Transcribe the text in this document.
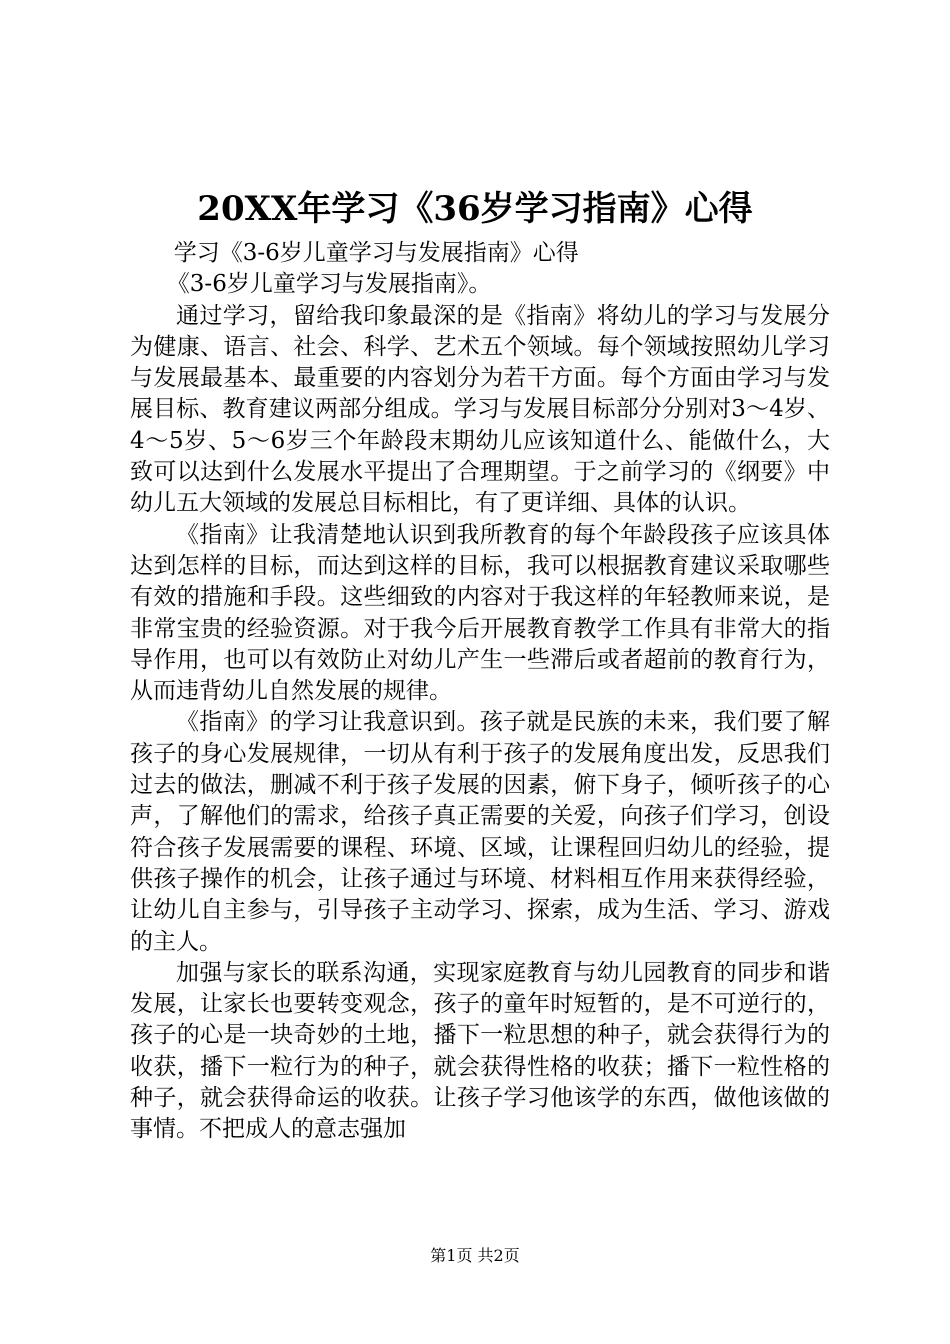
20XX年学习《36岁学习指南》心得

学习《3-6岁儿童学习与发展指南》心得

《3-6岁儿童学习与发展指南》。

通过学习，留给我印象最深的是《指南》将幼儿的学习与发展分为健康、语言、社会、科学、艺术五个领域。每个领域按照幼儿学习与发展最基本、最重要的内容划分为若干方面。每个方面由学习与发展目标、教育建议两部分组成。学习与发展目标部分分别对3～4岁、4～5岁、5～6岁三个年龄段末期幼儿应该知道什么、能做什么，大致可以达到什么发展水平提出了合理期望。于之前学习的《纲要》中幼儿五大领域的发展总目标相比，有了更详细、具体的认识。

《指南》让我清楚地认识到我所教育的每个年龄段孩子应该具体达到怎样的目标，而达到这样的目标，我可以根据教育建议采取哪些有效的措施和手段。这些细致的内容对于我这样的年轻教师来说，是非常宝贵的经验资源。对于我今后开展教育教学工作具有非常大的指导作用，也可以有效防止对幼儿产生一些滞后或者超前的教育行为，从而违背幼儿自然发展的规律。

《指南》的学习让我意识到。孩子就是民族的未来，我们要了解孩子的身心发展规律，一切从有利于孩子的发展角度出发，反思我们过去的做法，删减不利于孩子发展的因素，俯下身子，倾听孩子的心声，了解他们的需求，给孩子真正需要的关爱，向孩子们学习，创设符合孩子发展需要的课程、环境、区域，让课程回归幼儿的经验，提供孩子操作的机会，让孩子通过与环境、材料相互作用来获得经验，让幼儿自主参与，引导孩子主动学习、探索，成为生活、学习、游戏的主人。

加强与家长的联系沟通，实现家庭教育与幼儿园教育的同步和谐发展，让家长也要转变观念，孩子的童年时短暂的，是不可逆行的，孩子的心是一块奇妙的土地，播下一粒思想的种子，就会获得行为的收获，播下一粒行为的种子，就会获得性格的收获；播下一粒性格的种子，就会获得命运的收获。让孩子学习他该学的东西，做他该做的事情。不把成人的意志强加

第1页 共2页
